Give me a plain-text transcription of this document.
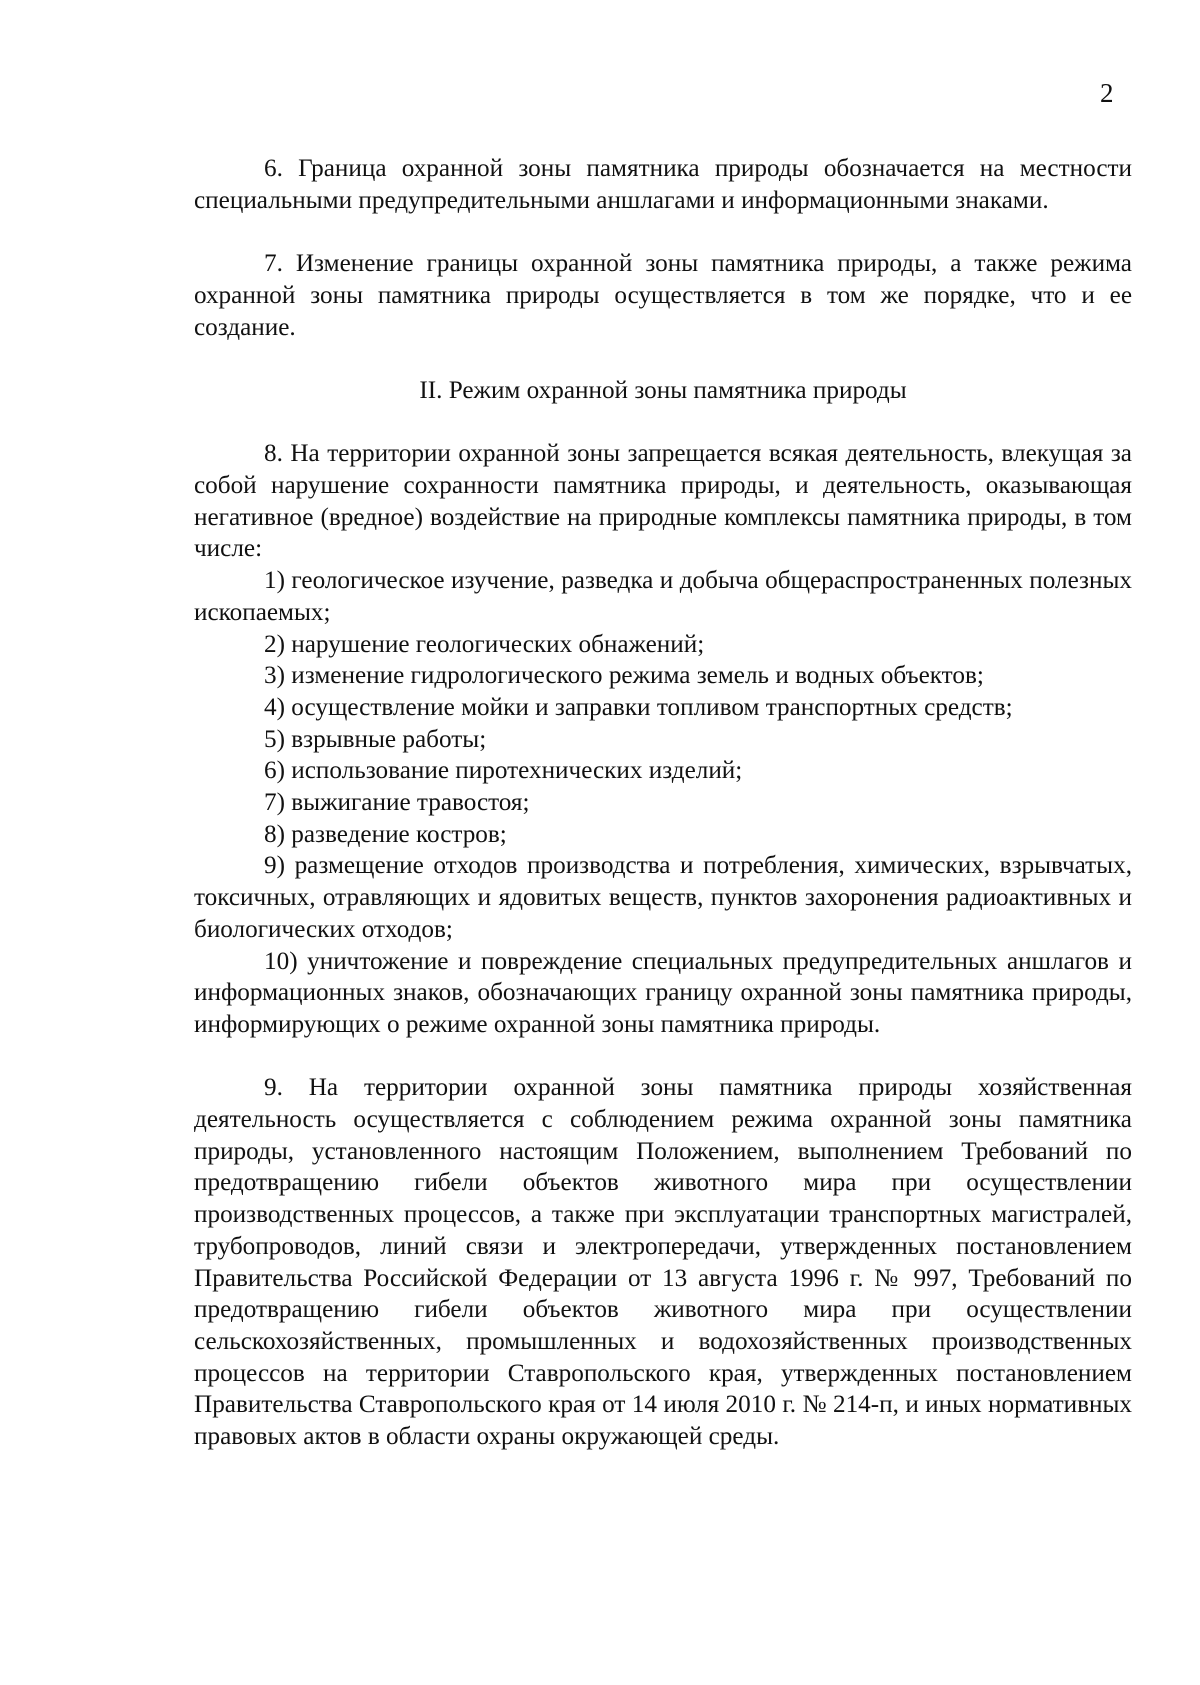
2

6. Граница охранной зоны памятника природы обозначается на местности специальными предупредительными аншлагами и информационными знаками.

7. Изменение границы охранной зоны памятника природы, а также режима охранной зоны памятника природы осуществляется в том же порядке, что и ее создание.

II. Режим охранной зоны памятника природы

8. На территории охранной зоны запрещается всякая деятельность, влекущая за собой нарушение сохранности памятника природы, и деятельность, оказывающая негативное (вредное) воздействие на природные комплексы памятника природы, в том числе:

1) геологическое изучение, разведка и добыча общераспространенных полезных ископаемых;

2) нарушение геологических обнажений;

3) изменение гидрологического режима земель и водных объектов;

4) осуществление мойки и заправки топливом транспортных средств;

5) взрывные работы;

6) использование пиротехнических изделий;

7) выжигание травостоя;

8) разведение костров;

9) размещение отходов производства и потребления, химических, взрывчатых, токсичных, отравляющих и ядовитых веществ, пунктов захоронения радиоактивных и биологических отходов;

10) уничтожение и повреждение специальных предупредительных аншлагов и информационных знаков, обозначающих границу охранной зоны памятника природы, информирующих о режиме охранной зоны памятника природы.

9. На территории охранной зоны памятника природы хозяйственная деятельность осуществляется с соблюдением режима охранной зоны памятника природы, установленного настоящим Положением, выполнением Требований по предотвращению гибели объектов животного мира при осуществлении производственных процессов, а также при эксплуатации транспортных магистралей, трубопроводов, линий связи и электропередачи, утвержденных постановлением Правительства Российской Федерации от 13 августа 1996 г. № 997, Требований по предотвращению гибели объектов животного мира при осуществлении сельскохозяйственных, промышленных и водохозяйственных производственных процессов на территории Ставропольского края, утвержденных постановлением Правительства Ставропольского края от 14 июля 2010 г. № 214-п, и иных нормативных правовых актов в области охраны окружающей среды.
